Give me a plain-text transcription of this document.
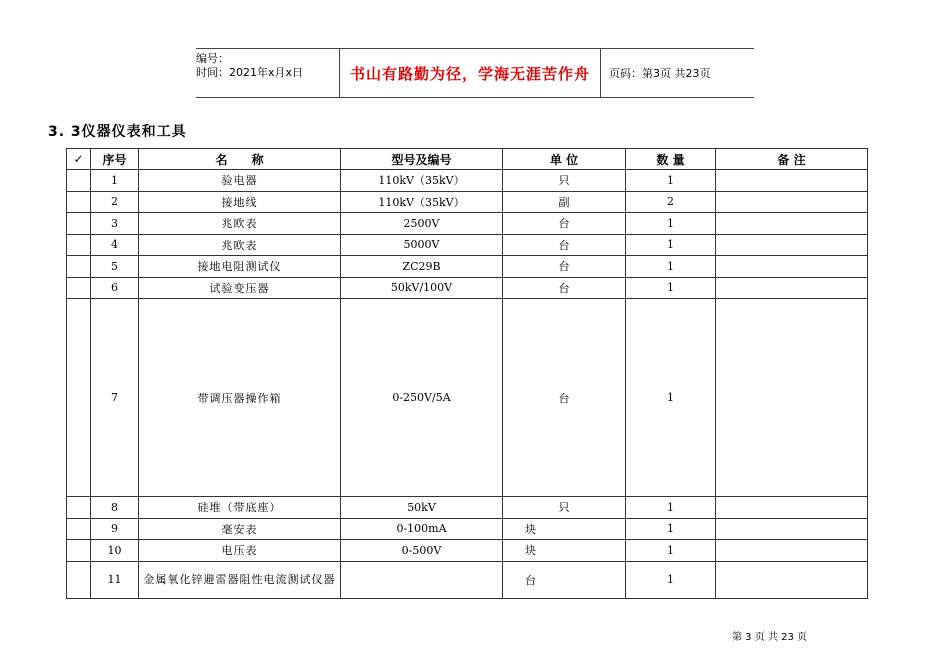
编号：
时间：2021年x月x日	书山有路勤为径，学海无涯苦作舟	页码：第3页 共23页
3. 3仪器仪表和工具
✓	序号	名　　称	型号及编号	单 位	数 量	备 注
	1	验电器	110kV（35kV）	只	1	
	2	接地线	110kV（35kV）	副	2	
	3	兆欧表	2500V	台	1	
	4	兆欧表	5000V	台	1	
	5	接地电阻测试仪	ZC29B	台	1	
	6	试验变压器	50kV/100V	台	1	
	7	带调压器操作箱	0-250V/5A	台	1	
	8	硅堆（带底座）	50kV	只	1	
	9	毫安表	0-100mA	块	1	
	10	电压表	0-500V	块	1	
	11	金属氧化锌避雷器阻性电流测试仪器		台	1	
第 3 页 共 23 页
